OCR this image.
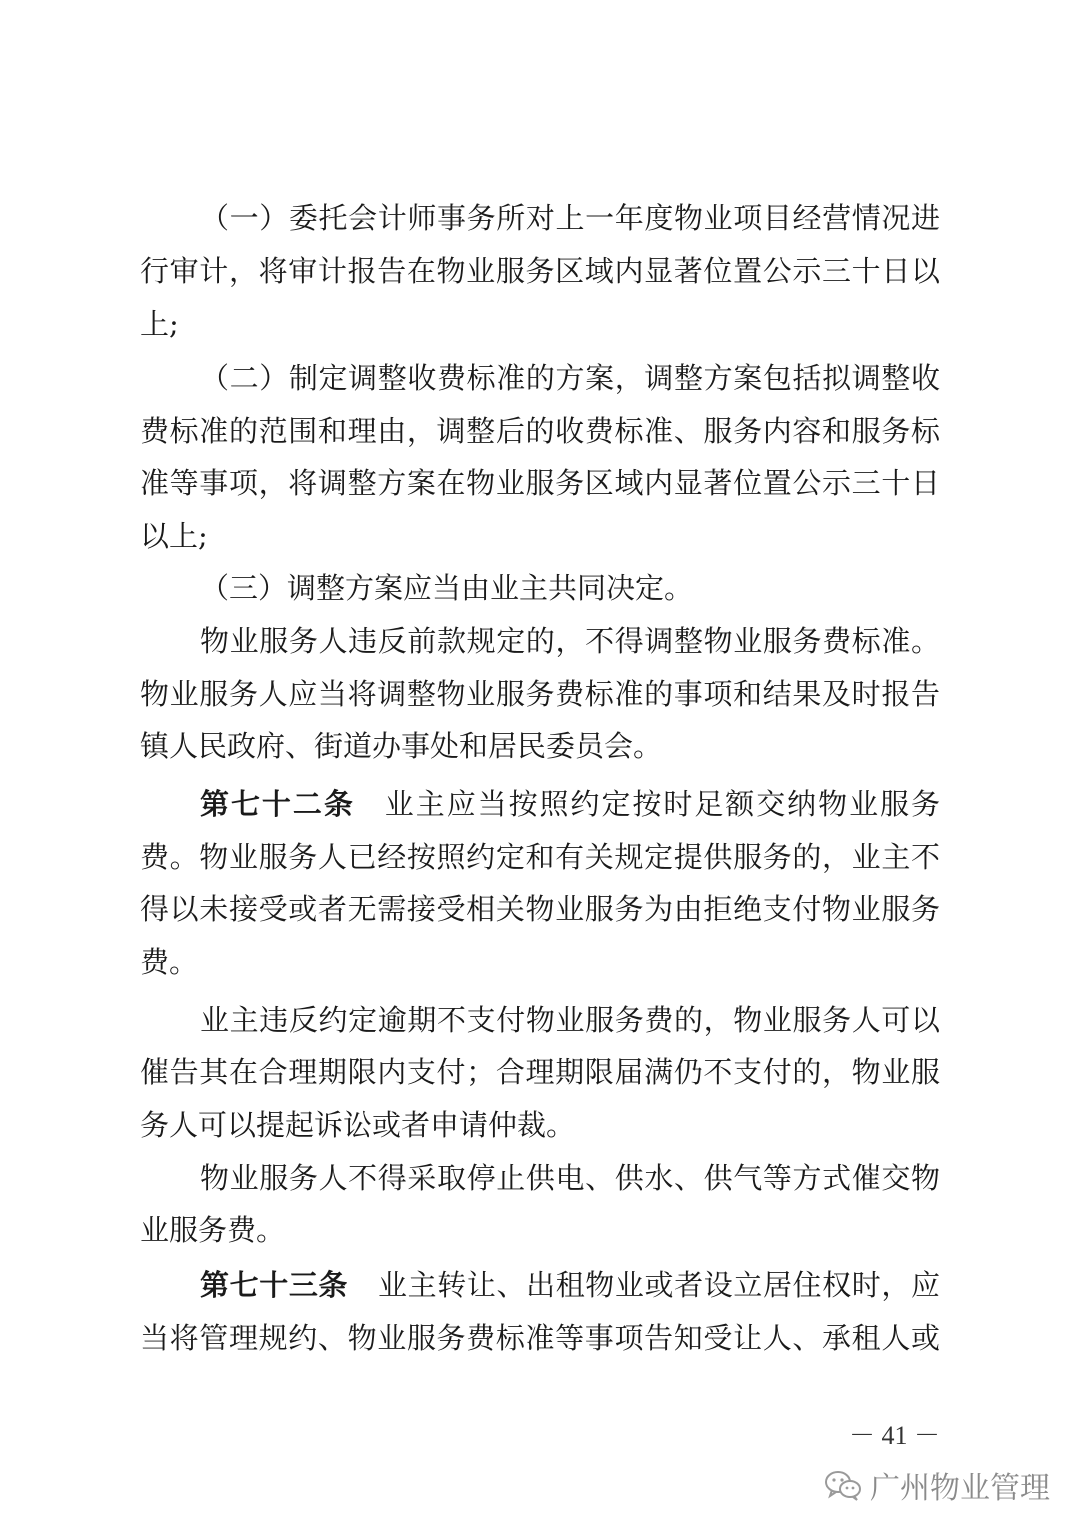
（一）委托会计师事务所对上一年度物业项目经营情况进
行审计，将审计报告在物业服务区域内显著位置公示三十日以
上;
（二）制定调整收费标准的方案，调整方案包括拟调整收
费标准的范围和理由，调整后的收费标准、服务内容和服务标
准等事项，将调整方案在物业服务区域内显著位置公示三十日
以上;
（三）调整方案应当由业主共同决定。
物业服务人违反前款规定的，不得调整物业服务费标准。
物业服务人应当将调整物业服务费标准的事项和结果及时报告
镇人民政府、街道办事处和居民委员会。
第七十二条 业主应当按照约定按时足额交纳物业服务
费。物业服务人已经按照约定和有关规定提供服务的，业主不
得以未接受或者无需接受相关物业服务为由拒绝支付物业服务
费。
业主违反约定逾期不支付物业服务费的，物业服务人可以
催告其在合理期限内支付；合理期限届满仍不支付的，物业服
务人可以提起诉讼或者申请仲裁。
物业服务人不得采取停止供电、供水、供气等方式催交物
业服务费。
第七十三条 业主转让、出租物业或者设立居住权时，应
当将管理规约、物业服务费标准等事项告知受让人、承租人或
－ 41 －
广州物业管理
